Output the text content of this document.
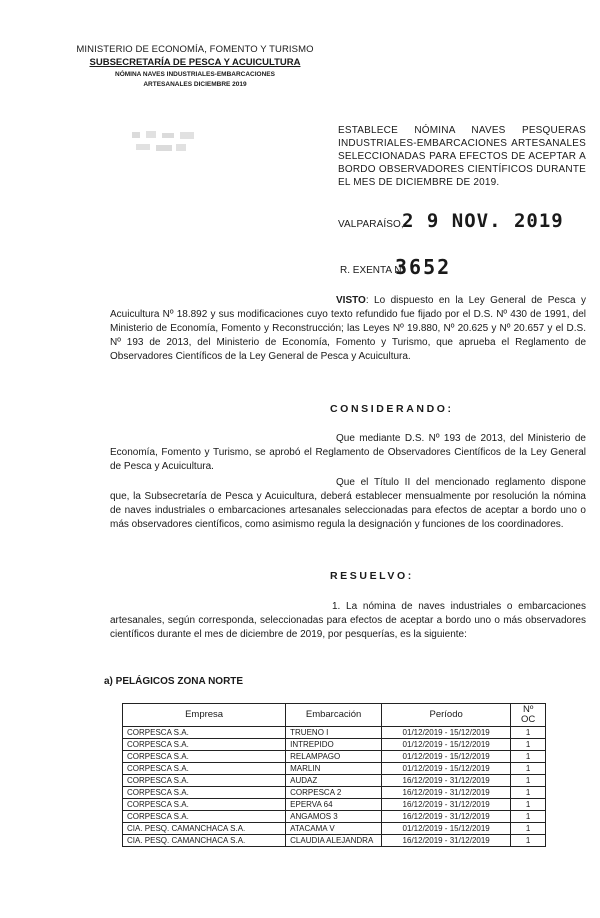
MINISTERIO DE ECONOMÍA, FOMENTO Y TURISMO
SUBSECRETARÍA DE PESCA Y ACUICULTURA
NÓMINA NAVES INDUSTRIALES-EMBARCACIONES
ARTESANALES DICIEMBRE 2019
ESTABLECE NÓMINA NAVES PESQUERAS INDUSTRIALES-EMBARCACIONES ARTESANALES SELECCIONADAS PARA EFECTOS DE ACEPTAR A BORDO OBSERVADORES CIENTÍFICOS DURANTE EL MES DE DICIEMBRE DE 2019.
VALPARAÍSO,
2 9 NOV. 2019
R. EXENTA Nº
3652
VISTO: Lo dispuesto en la Ley General de Pesca y Acuicultura Nº 18.892 y sus modificaciones cuyo texto refundido fue fijado por el D.S. Nº 430 de 1991, del Ministerio de Economía, Fomento y Reconstrucción; las Leyes Nº 19.880, Nº 20.625 y Nº 20.657 y el D.S. Nº 193 de 2013, del Ministerio de Economía, Fomento y Turismo, que aprueba el Reglamento de Observadores Científicos de la Ley General de Pesca y Acuicultura.
CONSIDERANDO:
Que mediante D.S. Nº 193 de 2013, del Ministerio de Economía, Fomento y Turismo, se aprobó el Reglamento de Observadores Científicos de la Ley General de Pesca y Acuicultura.
Que el Título II del mencionado reglamento dispone que, la Subsecretaría de Pesca y Acuicultura, deberá establecer mensualmente por resolución la nómina de naves industriales o embarcaciones artesanales seleccionadas para efectos de aceptar a bordo uno o más observadores científicos, como asimismo regula la designación y funciones de los coordinadores.
RESUELVO:
1. La nómina de naves industriales o embarcaciones artesanales, según corresponda, seleccionadas para efectos de aceptar a bordo uno o más observadores científicos durante el mes de diciembre de 2019, por pesquerías, es la siguiente:
a) PELÁGICOS ZONA NORTE
Empresa	Embarcación	Período	Nº OC
CORPESCA S.A.	TRUENO I	01/12/2019 - 15/12/2019	1
CORPESCA S.A.	INTREPIDO	01/12/2019 - 15/12/2019	1
CORPESCA S.A.	RELAMPAGO	01/12/2019 - 15/12/2019	1
CORPESCA S.A.	MARLIN	01/12/2019 - 15/12/2019	1
CORPESCA S.A.	AUDAZ	16/12/2019 - 31/12/2019	1
CORPESCA S.A.	CORPESCA 2	16/12/2019 - 31/12/2019	1
CORPESCA S.A.	EPERVA 64	16/12/2019 - 31/12/2019	1
CORPESCA S.A.	ANGAMOS 3	16/12/2019 - 31/12/2019	1
CIA. PESQ. CAMANCHACA S.A.	ATACAMA V	01/12/2019 - 15/12/2019	1
CIA. PESQ. CAMANCHACA S.A.	CLAUDIA ALEJANDRA	16/12/2019 - 31/12/2019	1
